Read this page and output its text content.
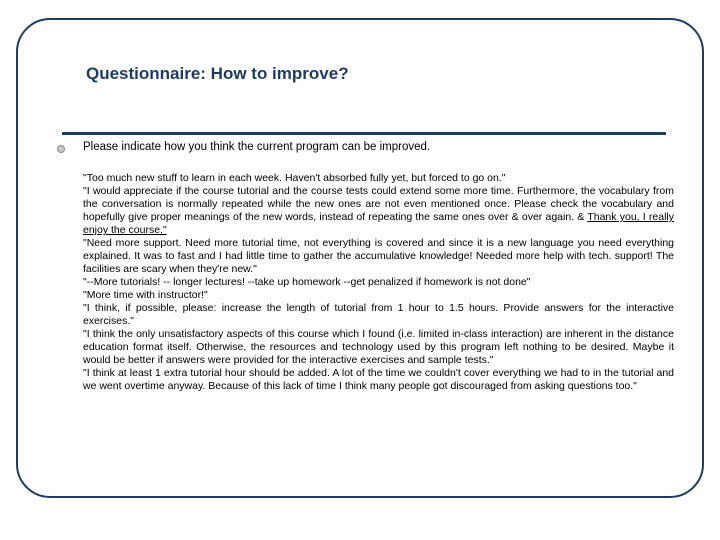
Questionnaire: How to improve?

Please indicate how you think the current program can be improved.

"Too much new stuff to learn in each week. Haven't absorbed fully yet, but forced to go on."

"I would appreciate if the course tutorial and the course tests could extend some more time. Furthermore, the vocabulary from the conversation is normally repeated while the new ones are not even mentioned once. Please check the vocabulary and hopefully give proper meanings of the new words, instead of repeating the same ones over & over again. & Thank you, I really enjoy the course."

"Need more support. Need more tutorial time, not everything is covered and since it is a new language you need everything explained. It was to fast and I had little time to gather the accumulative knowledge! Needed more help with tech. support! The facilities are scary when they're new."

"--More tutorials! -- longer lectures! --take up homework --get penalized if homework is not done"

"More time with instructor!"

"I think, if possible, please: increase the length of tutorial from 1 hour to 1.5 hours. Provide answers for the interactive exercises."

"I think the only unsatisfactory aspects of this course which I found (i.e. limited in-class interaction) are inherent in the distance education format itself. Otherwise, the resources and technology used by this program left nothing to be desired. Maybe it would be better if answers were provided for the interactive exercises and sample tests."

"I think at least 1 extra tutorial hour should be added. A lot of the time we couldn't cover everything we had to in the tutorial and we went overtime anyway. Because of this lack of time I think many people got discouraged from asking questions too."
